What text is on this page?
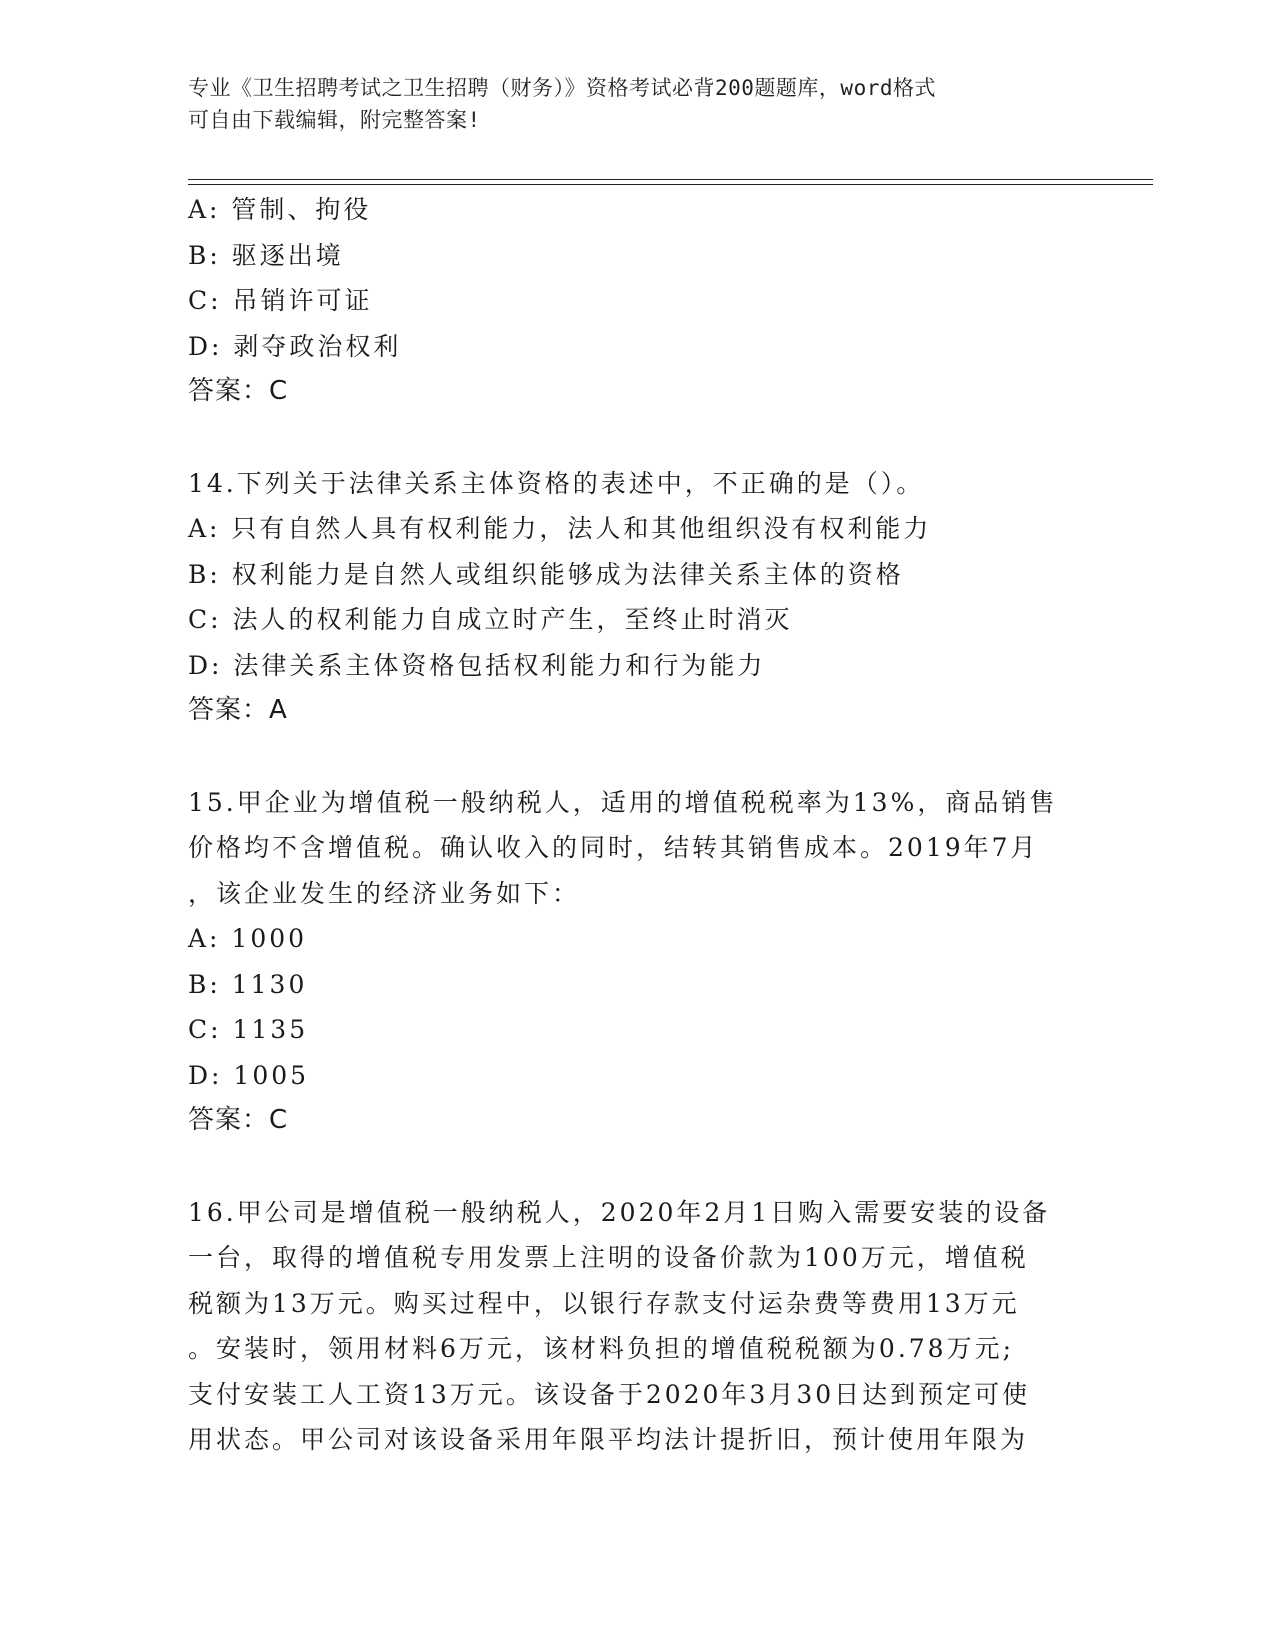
专业《卫生招聘考试之卫生招聘（财务）》资格考试必背200题题库，word格式
可自由下载编辑，附完整答案!
A: 管制、拘役
B: 驱逐出境
C: 吊销许可证
D: 剥夺政治权利
答案：C
14.下列关于法律关系主体资格的表述中，不正确的是（）。
A: 只有自然人具有权利能力，法人和其他组织没有权利能力
B: 权利能力是自然人或组织能够成为法律关系主体的资格
C: 法人的权利能力自成立时产生，至终止时消灭
D: 法律关系主体资格包括权利能力和行为能力
答案：A
15.甲企业为增值税一般纳税人，适用的增值税税率为13%，商品销售
价格均不含增值税。确认收入的同时，结转其销售成本。2019年7月
，该企业发生的经济业务如下：
A: 1000
B: 1130
C: 1135
D: 1005
答案：C
16.甲公司是增值税一般纳税人，2020年2月1日购入需要安装的设备
一台，取得的增值税专用发票上注明的设备价款为100万元，增值税
税额为13万元。购买过程中，以银行存款支付运杂费等费用13万元
。安装时，领用材料6万元，该材料负担的增值税税额为0.78万元;
支付安装工人工资13万元。该设备于2020年3月30日达到预定可使
用状态。甲公司对该设备采用年限平均法计提折旧，预计使用年限为
